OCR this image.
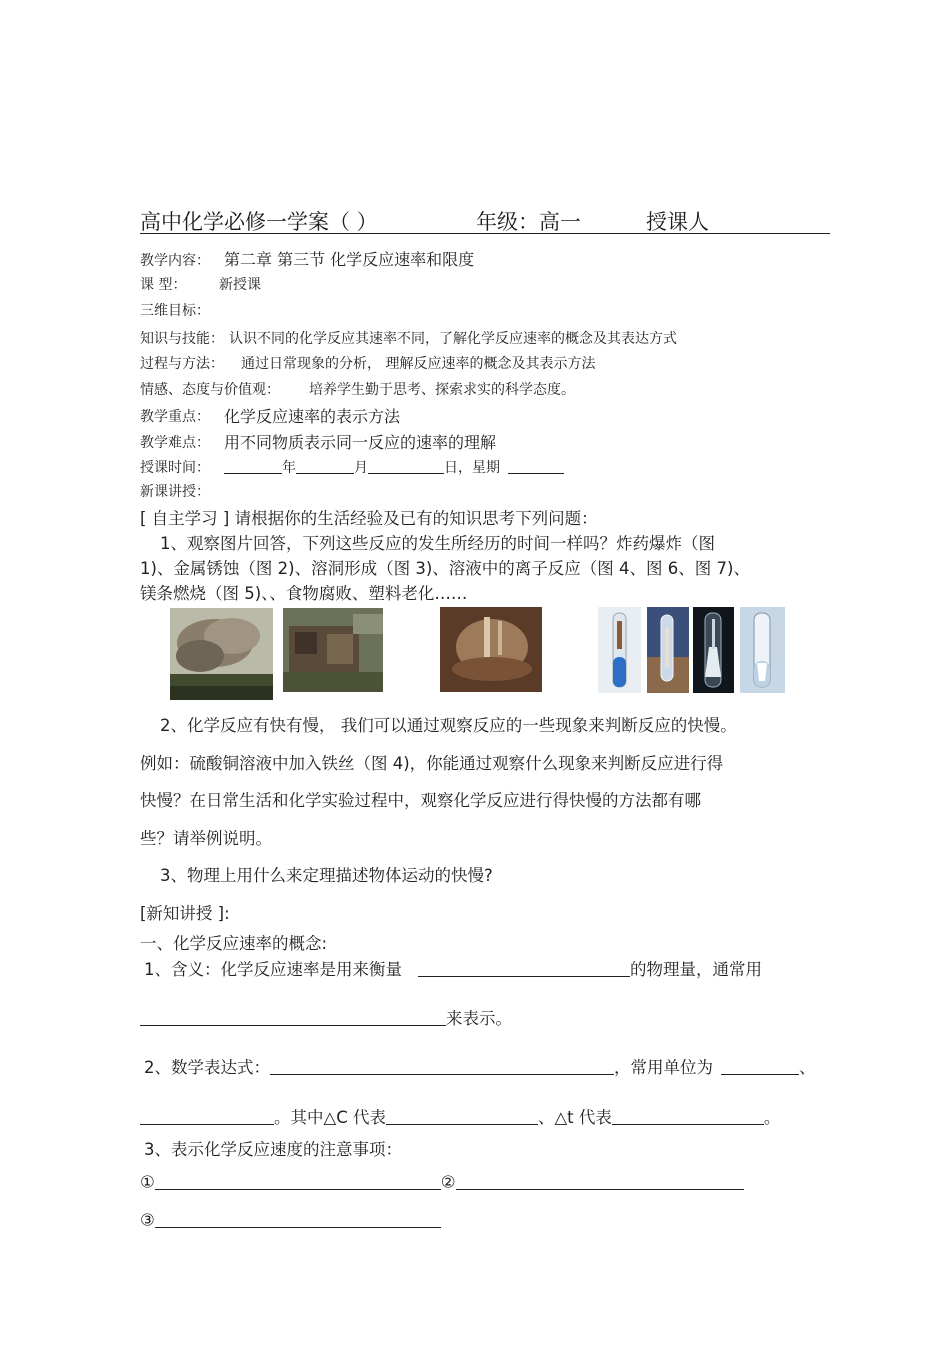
高中化学必修一学案（ ）	年级：高一	授课人
教学内容： 第二章 第三节 化学反应速率和限度
课 型： 新授课
三维目标：
知识与技能： 认识不同的化学反应其速率不同，了解化学反应速率的概念及其表达方式
过程与方法： 通过日常现象的分析， 理解反应速率的概念及其表示方法
情感、态度与价值观： 培养学生勤于思考、探索求实的科学态度。
教学重点： 化学反应速率的表示方法
教学难点： 用不同物质表示同一反应的速率的理解
授课时间：	年	月	日，星期
新课讲授：
[ 自主学习 ] 请根据你的生活经验及已有的知识思考下列问题：
1、观察图片回答，下列这些反应的发生所经历的时间一样吗？炸药爆炸（图
1)、金属锈蚀（图 2)、溶洞形成（图 3)、溶液中的离子反应（图 4、图 6、图 7)、
镁条燃烧（图 5)、、食物腐败、塑料老化……
2、化学反应有快有慢， 我们可以通过观察反应的一些现象来判断反应的快慢。
例如：硫酸铜溶液中加入铁丝（图 4)，你能通过观察什么现象来判断反应进行得
快慢？在日常生活和化学实验过程中，观察化学反应进行得快慢的方法都有哪
些？请举例说明。
3、物理上用什么来定理描述物体运动的快慢?
[新知讲授 ]:
一、化学反应速率的概念:
1、含义：化学反应速率是用来衡量	的物理量，通常用
来表示。
2、数学表达式：	，常用单位为	、
。其中△C 代表	、△t 代表	。
3、表示化学反应速度的注意事项：
①	②
③
